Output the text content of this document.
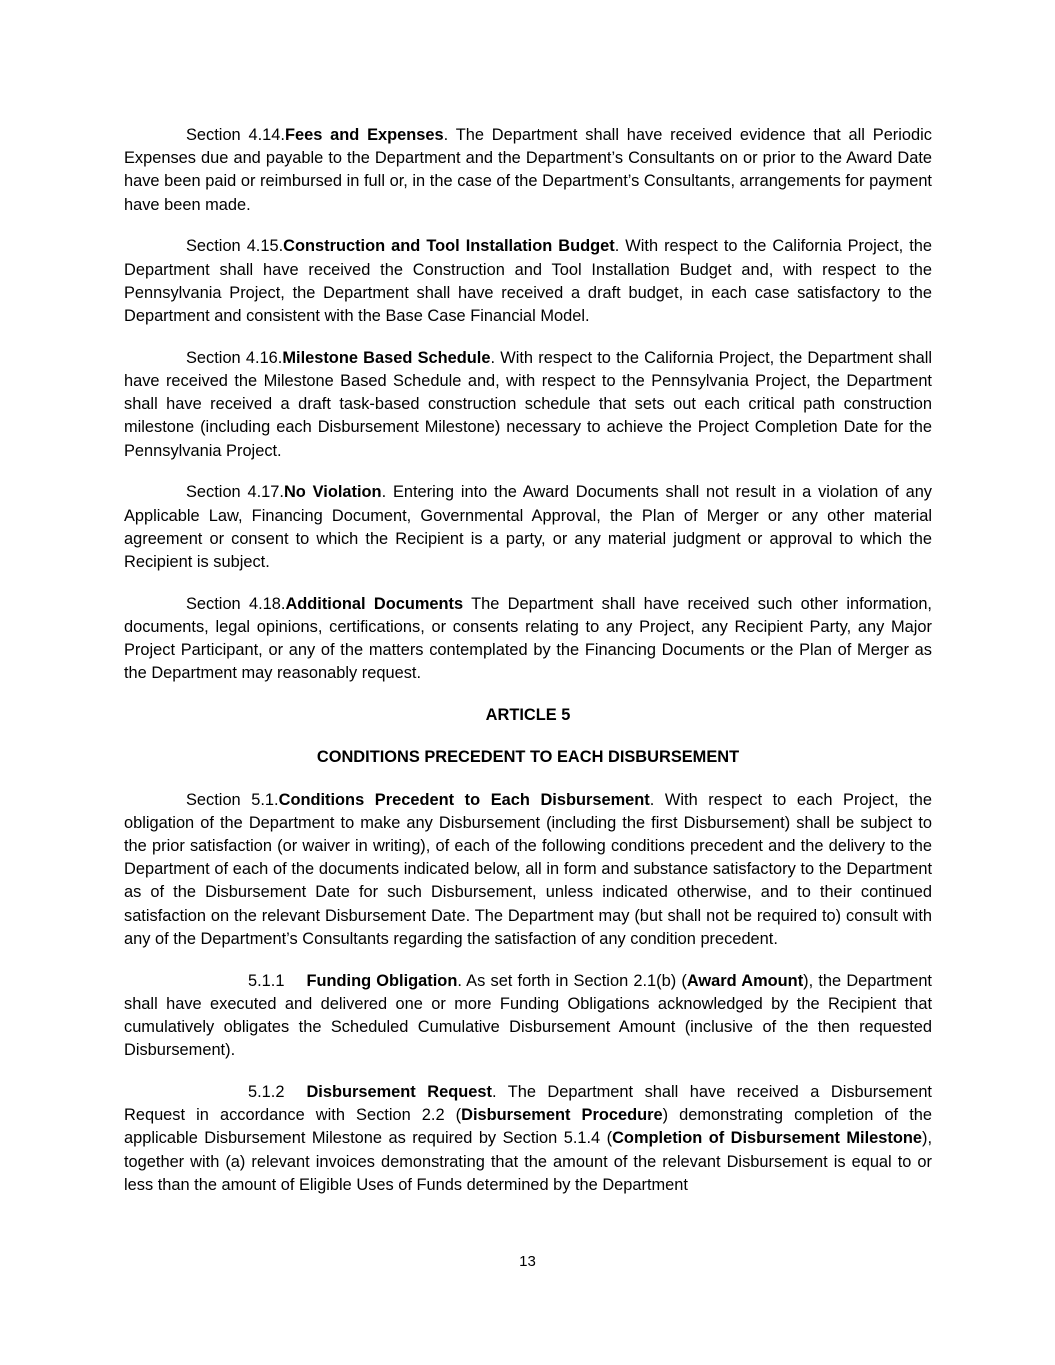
Section 4.14.Fees and Expenses. The Department shall have received evidence that all Periodic Expenses due and payable to the Department and the Department’s Consultants on or prior to the Award Date have been paid or reimbursed in full or, in the case of the Department’s Consultants, arrangements for payment have been made.

Section 4.15.Construction and Tool Installation Budget. With respect to the California Project, the Department shall have received the Construction and Tool Installation Budget and, with respect to the Pennsylvania Project, the Department shall have received a draft budget, in each case satisfactory to the Department and consistent with the Base Case Financial Model.

Section 4.16.Milestone Based Schedule. With respect to the California Project, the Department shall have received the Milestone Based Schedule and, with respect to the Pennsylvania Project, the Department shall have received a draft task-based construction schedule that sets out each critical path construction milestone (including each Disbursement Milestone) necessary to achieve the Project Completion Date for the Pennsylvania Project.

Section 4.17.No Violation. Entering into the Award Documents shall not result in a violation of any Applicable Law, Financing Document, Governmental Approval, the Plan of Merger or any other material agreement or consent to which the Recipient is a party, or any material judgment or approval to which the Recipient is subject.

Section 4.18.Additional Documents The Department shall have received such other information, documents, legal opinions, certifications, or consents relating to any Project, any Recipient Party, any Major Project Participant, or any of the matters contemplated by the Financing Documents or the Plan of Merger as the Department may reasonably request.

ARTICLE 5

CONDITIONS PRECEDENT TO EACH DISBURSEMENT

Section 5.1.Conditions Precedent to Each Disbursement. With respect to each Project, the obligation of the Department to make any Disbursement (including the first Disbursement) shall be subject to the prior satisfaction (or waiver in writing), of each of the following conditions precedent and the delivery to the Department of each of the documents indicated below, all in form and substance satisfactory to the Department as of the Disbursement Date for such Disbursement, unless indicated otherwise, and to their continued satisfaction on the relevant Disbursement Date. The Department may (but shall not be required to) consult with any of the Department’s Consultants regarding the satisfaction of any condition precedent.

5.1.1 Funding Obligation. As set forth in Section 2.1(b) (Award Amount), the Department shall have executed and delivered one or more Funding Obligations acknowledged by the Recipient that cumulatively obligates the Scheduled Cumulative Disbursement Amount (inclusive of the then requested Disbursement).

5.1.2 Disbursement Request. The Department shall have received a Disbursement Request in accordance with Section 2.2 (Disbursement Procedure) demonstrating completion of the applicable Disbursement Milestone as required by Section 5.1.4 (Completion of Disbursement Milestone), together with (a) relevant invoices demonstrating that the amount of the relevant Disbursement is equal to or less than the amount of Eligible Uses of Funds determined by the Department

13
